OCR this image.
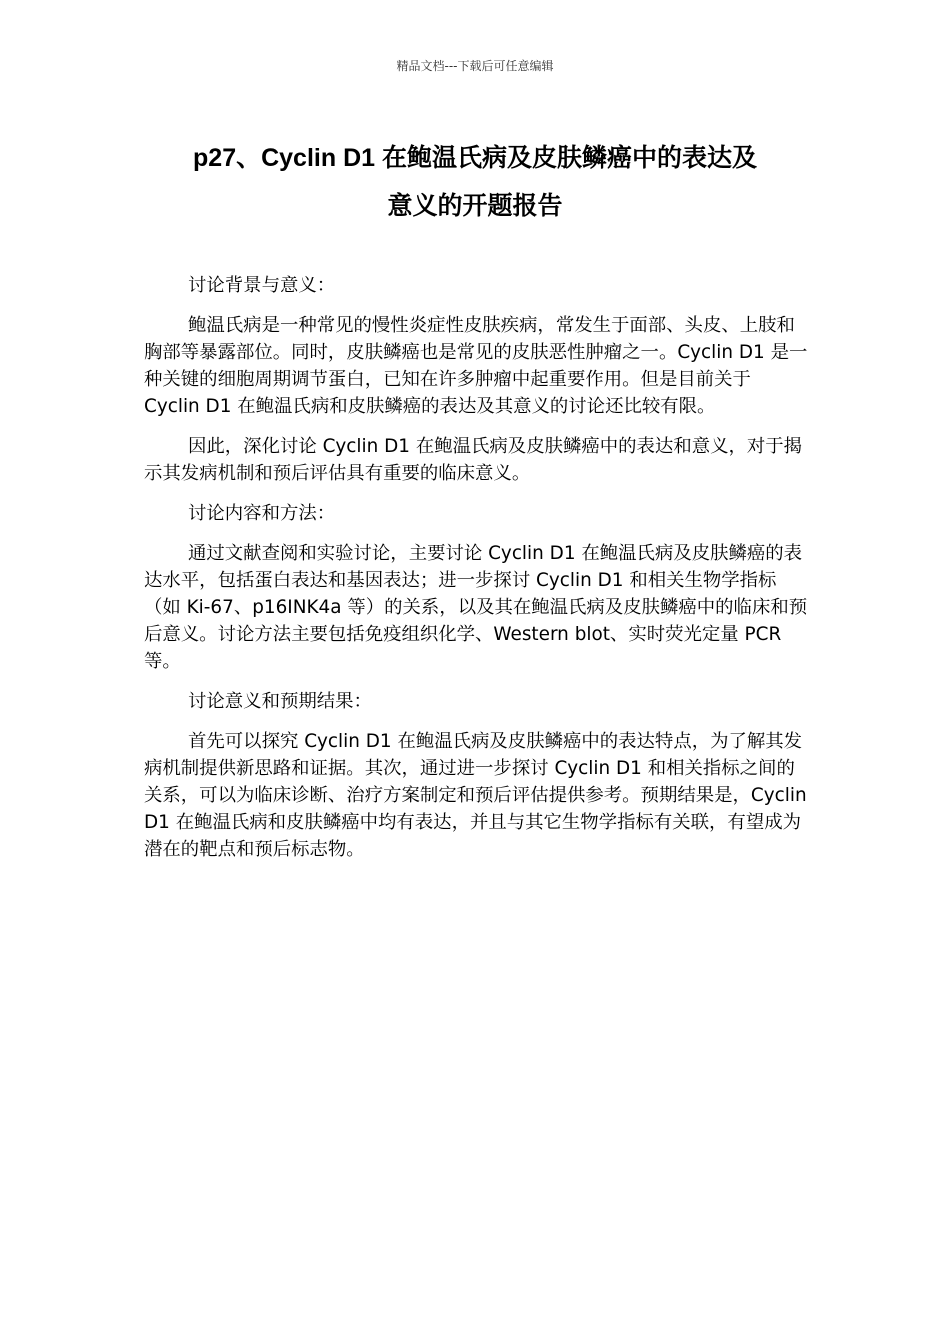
精品文档---下载后可任意编辑
p27、Cyclin D1 在鲍温氏病及皮肤鳞癌中的表达及
意义的开题报告

讨论背景与意义：

鲍温氏病是一种常见的慢性炎症性皮肤疾病，常发生于面部、头皮、上肢和胸部等暴露部位。同时，皮肤鳞癌也是常见的皮肤恶性肿瘤之一。Cyclin D1 是一种关键的细胞周期调节蛋白，已知在许多肿瘤中起重要作用。但是目前关于 Cyclin D1 在鲍温氏病和皮肤鳞癌的表达及其意义的讨论还比较有限。

因此，深化讨论 Cyclin D1 在鲍温氏病及皮肤鳞癌中的表达和意义，对于揭示其发病机制和预后评估具有重要的临床意义。

讨论内容和方法：

通过文献查阅和实验讨论，主要讨论 Cyclin D1 在鲍温氏病及皮肤鳞癌的表达水平，包括蛋白表达和基因表达；进一步探讨 Cyclin D1 和相关生物学指标（如 Ki-67、p16INK4a 等）的关系，以及其在鲍温氏病及皮肤鳞癌中的临床和预后意义。讨论方法主要包括免疫组织化学、Western blot、实时荧光定量 PCR 等。

讨论意义和预期结果：

首先可以探究 Cyclin D1 在鲍温氏病及皮肤鳞癌中的表达特点，为了解其发病机制提供新思路和证据。其次，通过进一步探讨 Cyclin D1 和相关指标之间的关系，可以为临床诊断、治疗方案制定和预后评估提供参考。预期结果是，Cyclin D1 在鲍温氏病和皮肤鳞癌中均有表达，并且与其它生物学指标有关联，有望成为潜在的靶点和预后标志物。
